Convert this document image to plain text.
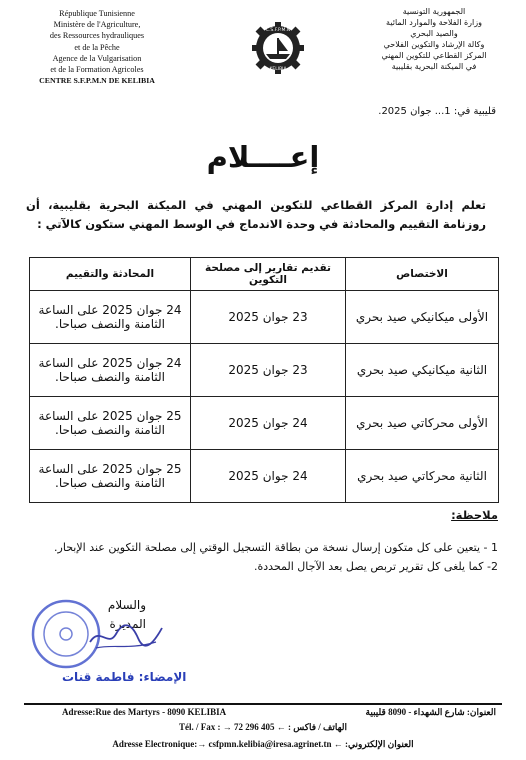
République Tunisienne
Ministère de l'Agriculture,
des Ressources hydrauliques
et de la Pêche
Agence de la Vulgarisation
et de la Formation Agricoles
CENTRE S.F.P.M.N DE KELIBIA
C.S.F.P.M.N
KELIBIA
الجمهورية التونسية
وزارة الفلاحة والموارد المائية
والصيد البحري
وكالة الإرشاد والتكوين الفلاحي
المركز القطاعي للتكوين المهني
في الميكنة البحرية بقليبية
قليبية في: 1... جوان 2025.
إعــــلام
تعلم إدارة المركز القطاعي للتكوين المهني في الميكنة البحرية بقليبية، أن روزنامة التقييم والمحادثة في وحدة الاندماج في الوسط المهني ستكون كالآتي :
الاختصاص	تقديم تقارير إلى مصلحة التكوين	المحادثة والتقييم
الأولى ميكانيكي صيد بحري	23 جوان 2025	24 جوان 2025 على الساعة الثامنة والنصف صباحا.
الثانية ميكانيكي صيد بحري	23 جوان 2025	24 جوان 2025 على الساعة الثامنة والنصف صباحا.
الأولى محركاتي صيد بحري	24 جوان 2025	25 جوان 2025 على الساعة الثامنة والنصف صباحا.
الثانية محركاتي صيد بحري	24 جوان 2025	25 جوان 2025 على الساعة الثامنة والنصف صباحا.
ملاحظة:
1 - يتعين على كل متكون إرسال نسخة من بطاقة التسجيل الوقتي إلى مصلحة التكوين عند الإبحار.
2- كما يلغى كل تقرير تربص يصل بعد الآجال المحددة.
والسلام
المديرة
الإمضاء: فاطمة قنات
Adresse:Rue des Martyrs - 8090 KELIBIA	العنوان: شارع الشهداء - 8090 قليبية
Tél. / Fax : → 72 296 405 ← : الهاتف / فاكس
Adresse Electronique:→ csfpmn.kelibia@iresa.agrinet.tn ← :العنوان الإلكتروني
